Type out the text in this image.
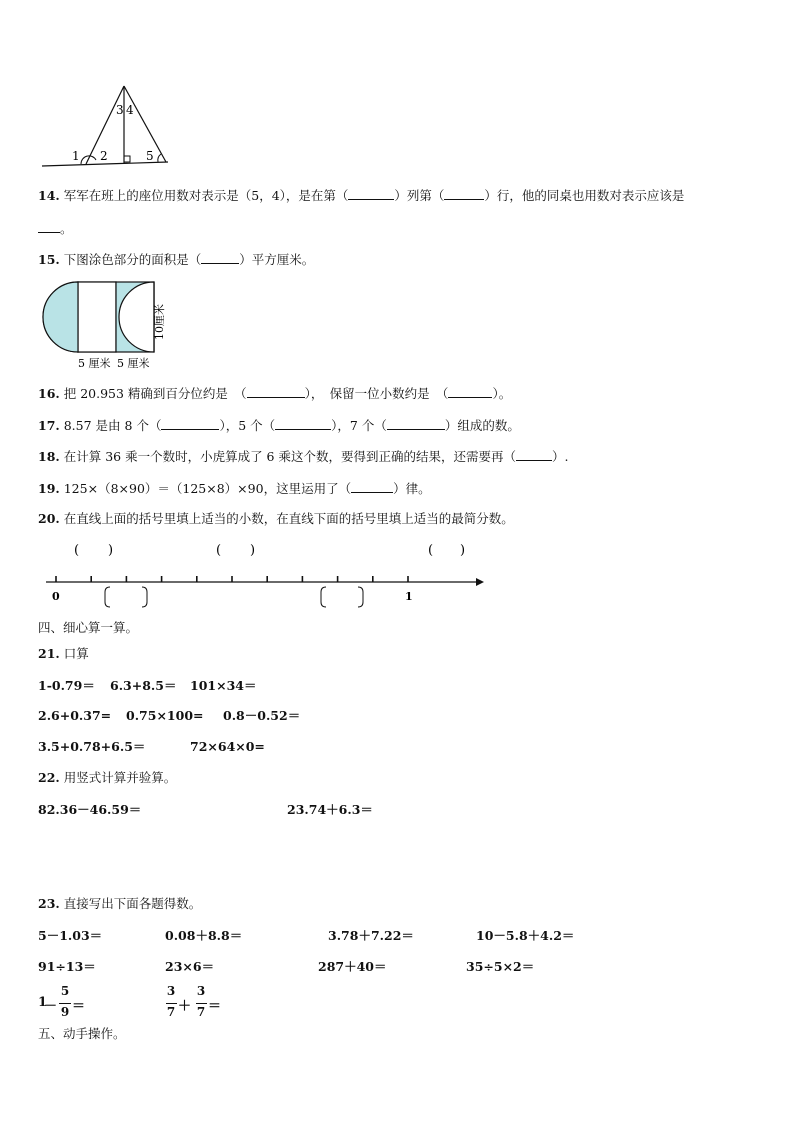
1 2
3 4
5
14. 军军在班上的座位用数对表示是（5，4），是在第（	）列第（	）行，他的同桌也用数对表示应该是
。
15. 下图涂色部分的面积是（	）平方厘米。
5 厘米 5 厘米
10厘米
16. 把 20.953 精确到百分位约是　（	），　保留一位小数约是　（	）。
17. 8.57 是由 8 个（	），5 个（	），7 个（	）组成的数。
18. 在计算 36 乘一个数时，小虎算成了 6 乘这个数，要得到正确的结果，还需要再（	）.
19. 125×（8×90）＝（125×8）×90，这里运用了（	）律。
20. 在直线上面的括号里填上适当的小数，在直线下面的括号里填上适当的最简分数。
( )	( )	( )
0	1
四、细心算一算。
21. 口算
1-0.79＝ 6.3+8.5＝ 101×34＝
2.6+0.37= 0.75×100= 0.8－0.52＝
3.5+0.78+6.5＝	72×64×0=
22. 用竖式计算并验算。
82.36－46.59＝	23.74＋6.3＝
23. 直接写出下面各题得数。
5－1.03＝	0.08＋8.8＝	3.78＋7.22＝	10－5.8＋4.2＝
91÷13＝	23×6＝	287＋40＝	35÷5×2＝
1
－
5
9 ＝
3
7 ＋
3
7 ＝
五、动手操作。
